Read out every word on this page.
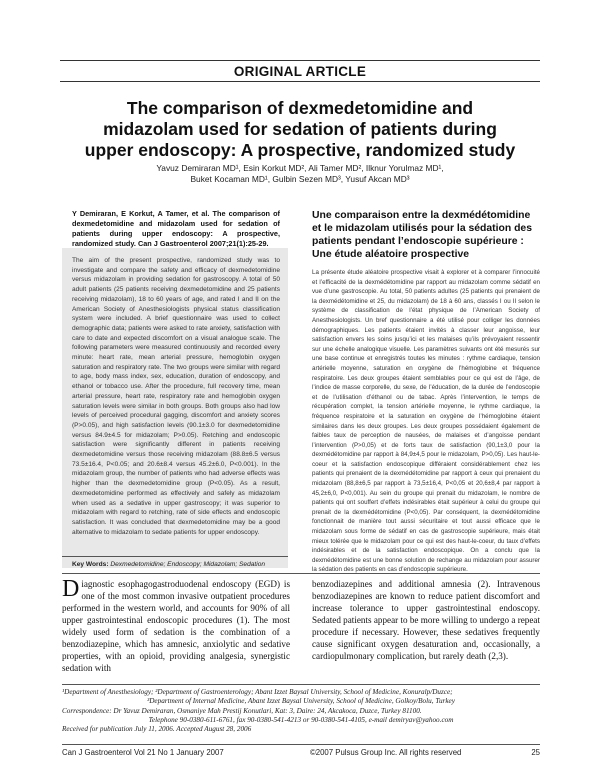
ORIGINAL ARTICLE
The comparison of dexmedetomidine and midazolam used for sedation of patients during upper endoscopy: A prospective, randomized study
Yavuz Demiraran MD¹, Esin Korkut MD², Ali Tamer MD², Ilknur Yorulmaz MD¹,
Buket Kocaman MD¹, Gulbin Sezen MD³, Yusuf Akcan MD³
Y Demiraran, E Korkut, A Tamer, et al. The comparison of dexmedetomidine and midazolam used for sedation of patients during upper endoscopy: A prospective, randomized study. Can J Gastroenterol 2007;21(1):25-29.
The aim of the present prospective, randomized study was to investigate and compare the safety and efficacy of dexmedetomidine versus midazolam in providing sedation for gastroscopy. A total of 50 adult patients (25 patients receiving dexmedetomidine and 25 patients receiving midazolam), 18 to 60 years of age, and rated I and II on the American Society of Anesthesiologists physical status classification system were included. A brief questionnaire was used to collect demographic data; patients were asked to rate anxiety, satisfaction with care to date and expected discomfort on a visual analogue scale. The following parameters were measured continuously and recorded every minute: heart rate, mean arterial pressure, hemoglobin oxygen saturation and respiratory rate. The two groups were similar with regard to age, body mass index, sex, education, duration of endoscopy, and ethanol or tobacco use. After the procedure, full recovery time, mean arterial pressure, heart rate, respiratory rate and hemoglobin oxygen saturation levels were similar in both groups. Both groups also had low levels of perceived procedural gagging, discomfort and anxiety scores (P>0.05), and high satisfaction levels (90.1±3.0 for dexmedetomidine versus 84.9±4.5 for midazolam; P>0.05). Retching and endoscopic satisfaction were significantly different in patients receiving dexmedetomidine versus those receiving midazolam (88.8±6.5 versus 73.5±16.4, P<0.05; and 20.6±8.4 versus 45.2±6.0, P<0.001). In the midazolam group, the number of patients who had adverse effects was higher than the dexmedetomidine group (P<0.05). As a result, dexmedetomidine performed as effectively and safely as midazolam when used as a sedative in upper gastroscopy; it was superior to midazolam with regard to retching, rate of side effects and endoscopic satisfaction. It was concluded that dexmedetomidine may be a good alternative to midazolam to sedate patients for upper endoscopy.
Key Words: Dexmedetomidine; Endoscopy; Midazolam; Sedation
Une comparaison entre la dexmédétomidine et le midazolam utilisés pour la sédation des patients pendant l’endoscopie supérieure : Une étude aléatoire prospective
La présente étude aléatoire prospective visait à explorer et à comparer l’innocuité et l’efficacité de la dexmédétomidine par rapport au midazolam comme sédatif en vue d’une gastroscopie. Au total, 50 patients adultes (25 patients qui prenaient de la dexmédétomidine et 25, du midazolam) de 18 à 60 ans, classés I ou II selon le système de classification de l’état physique de l’American Society of Anesthesiologists. Un bref questionnaire a été utilisé pour colliger les données démographiques. Les patients étaient invités à classer leur angoisse, leur satisfaction envers les soins jusqu’ici et les malaises qu’ils prévoyaient ressentir sur une échelle analogique visuelle. Les paramètres suivants ont été mesurés sur une base continue et enregistrés toutes les minutes : rythme cardiaque, tension artérielle moyenne, saturation en oxygène de l’hémoglobine et fréquence respiratoire. Les deux groupes étaient semblables pour ce qui est de l’âge, de l’indice de masse corporelle, du sexe, de l’éducation, de la durée de l’endoscopie et de l’utilisation d’éthanol ou de tabac. Après l’intervention, le temps de récupération complet, la tension artérielle moyenne, le rythme cardiaque, la fréquence respiratoire et la saturation en oxygène de l’hémoglobine étaient similaires dans les deux groupes. Les deux groupes possédaient également de faibles taux de perception de nausées, de malaises et d’angoisse pendant l’intervention (P>0,05) et de forts taux de satisfaction (90,1±3,0 pour la dexmédétomidine par rapport à 84,9±4,5 pour le midazolam, P>0,05). Les haut-le-coeur et la satisfaction endoscopique différaient considérablement chez les patients qui prenaient de la dexmédétomidine par rapport à ceux qui prenaient du midazolam (88,8±6,5 par rapport à 73,5±16,4, P<0,05 et 20,6±8,4 par rapport à 45,2±6,0, P<0,001). Au sein du groupe qui prenait du midazolam, le nombre de patients qui ont souffert d’effets indésirables était supérieur à celui du groupe qui prenait de la dexmédétomidine (P<0,05). Par conséquent, la dexmédétomidine fonctionnait de manière tout aussi sécuritaire et tout aussi efficace que le midazolam sous forme de sédatif en cas de gastroscopie supérieure, mais était mieux tolérée que le midazolam pour ce qui est des haut-le-coeur, du taux d’effets indésirables et de la satisfaction endoscopique. On a conclu que la dexmédétomidine est une bonne solution de rechange au midazolam pour assurer la sédation des patients en cas d’endoscopie supérieure.
Diagnostic esophagogastroduodenal endoscopy (EGD) is one of the most common invasive outpatient procedures performed in the western world, and accounts for 90% of all upper gastrointestinal endoscopic procedures (1). The most widely used form of sedation is the combination of a benzodiazepine, which has amnesic, anxiolytic and sedative properties, with an opioid, providing analgesia, synergistic sedation with
benzodiazepines and additional amnesia (2). Intravenous benzodiazepines are known to reduce patient discomfort and increase tolerance to upper gastrointestinal endoscopy. Sedated patients appear to be more willing to undergo a repeat procedure if necessary. However, these sedatives frequently cause significant oxygen desaturation and, occasionally, a cardiopulmonary complication, but rarely death (2,3).
¹Department of Anesthesiology; ²Department of Gastroenterology; Abant Izzet Baysal University, School of Medicine, Konuralp/Duzce;
³Department of Internal Medicine, Abant Izzet Baysal University, School of Medicine, Golkoy/Bolu, Turkey
Correspondence: Dr Yavuz Demiraran, Osmaniye Mah Prestij Konutlari, Kat: 3, Daire: 24, Akcakoca, Duzce, Turkey 81100.
Telephone 90-0380-611-6761, fax 90-0380-541-4213 or 90-0380-541-4105, e-mail demiryav@yahoo.com
Received for publication July 11, 2006. Accepted August 28, 2006
Can J Gastroenterol Vol 21 No 1 January 2007	©2007 Pulsus Group Inc. All rights reserved	25
